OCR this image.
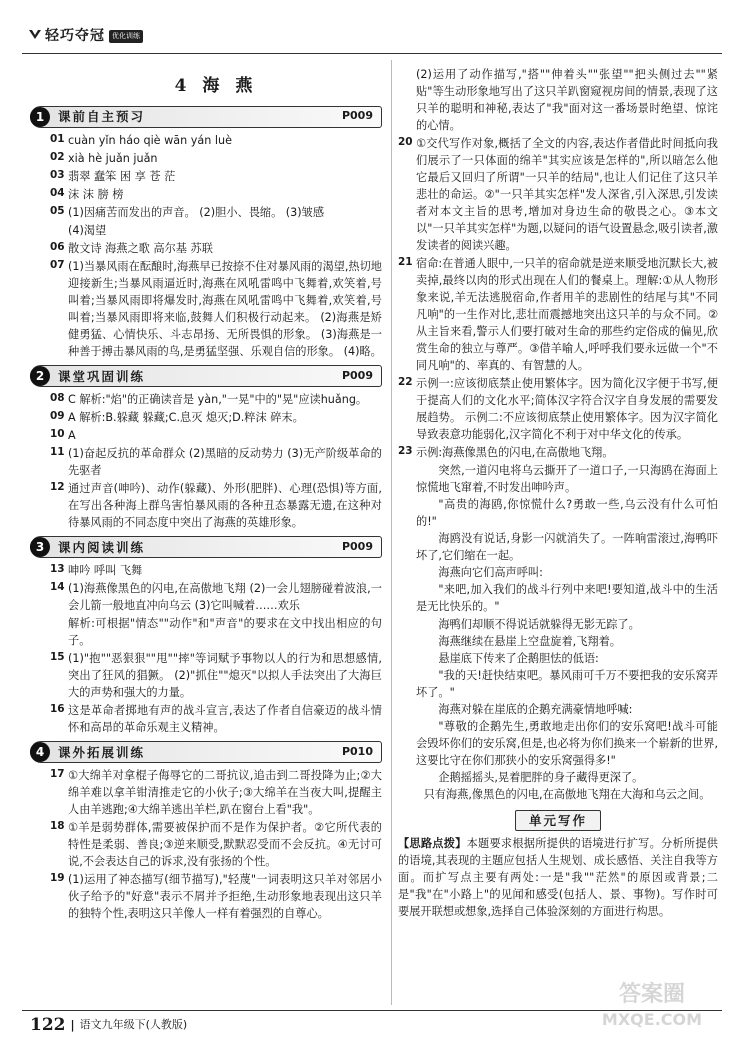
轻巧夺冠	优化训练
4 海 燕
1	课前自主预习	P009
01 cuàn yǐn háo qiè wān yán luè
02 xià hè juǎn juǎn
03 翡翠 蠢笨 困 享 苍 茫
04 沫 沫 膀 榜
05 (1)因痛苦而发出的声音。 (2)胆小、畏缩。 (3)皱感
(4)渴望
06 散文诗 海燕之歌 高尔基 苏联
07 (1)当暴风雨在酝酿时,海燕早已按捺不住对暴风雨的渴望,热切地迎接新生;当暴风雨逼近时,海燕在风吼雷鸣中飞舞着,欢笑着,号叫着;当暴风雨即将爆发时,海燕在风吼雷鸣中飞舞着,欢笑着,号叫着;当暴风雨即将来临,鼓舞人们积极行动起来。 (2)海燕是矫健勇猛、心情快乐、斗志昂扬、无所畏惧的形象。 (3)海燕是一种善于搏击暴风雨的鸟,是勇猛坚强、乐观自信的形象。 (4)略。
2	课堂巩固训练	P009
08 C 解析:"焰"的正确读音是 yàn,"一晃"中的"晃"应读huǎng。
09 A 解析:B.躲藏 躲藏;C.息灭 熄灭;D.粹沫 碎末。
10 A
11 (1)奋起反抗的革命群众 (2)黑暗的反动势力 (3)无产阶级革命的先驱者
12 通过声音(呻吟)、动作(躲藏)、外形(肥胖)、心理(恐惧)等方面,在写出各种海上群鸟害怕暴风雨的各种丑态暴露无遗,在这种对待暴风雨的不同态度中突出了海燕的英雄形象。
3	课内阅读训练	P009
13 呻吟 呼叫 飞舞
14 (1)海燕像黑色的闪电,在高傲地飞翔 (2)一会儿翅膀碰着波浪,一会儿箭一般地直冲向乌云 (3)它叫喊着……欢乐
解析:可根据"情态""动作"和"声音"的要求在文中找出相应的句子。
15 (1)"抱""恶狠狠""甩""摔"等词赋予事物以人的行为和思想感情,突出了狂风的猖獗。 (2)"抓住""熄灭"以拟人手法突出了大海巨大的声势和强大的力量。
16 这是革命者掷地有声的战斗宣言,表达了作者自信豪迈的战斗情怀和高昂的革命乐观主义精神。
4	课外拓展训练	P010
17 ①大绵羊对拿棍子侮辱它的二哥抗议,追击到二哥投降为止;②大绵羊难以拿羊钳清推走它的小伙子;③大绵羊在当夜大叫,提醒主人由羊逃跑;④大绵羊逃出羊栏,趴在窗台上看"我"。
18 ①羊是弱势群体,需要被保护而不是作为保护者。②它所代表的特性是柔弱、善良;③逆来顺受,默默忍受而不会反抗。④无讨可说,不会表达自己的诉求,没有张扬的个性。
19 (1)运用了神态描写(细节描写),"轻蔑"一词表明这只羊对邻居小伙子给予的"好意"表示不屑并予拒绝,生动形象地表现出这只羊的独特个性,表明这只羊像人一样有着强烈的自尊心。
(2)运用了动作描写,"搭""伸着头""张望""把头侧过去""紧贴"等生动形象地写出了这只羊趴窗窥视房间的情景,表现了这只羊的聪明和神秘,表达了"我"面对这一番场景时绝望、惊诧的心情。
20 ①交代写作对象,概括了全文的内容,表达作者借此时间抵向我们展示了一只体面的绵羊"其实应该是怎样的",所以暗怎么他它最后又回归了所谓"一只羊的结局",也让人们记住了这只羊悲壮的命运。②"一只羊其实怎样"发人深省,引入深思,引发读者对本文主旨的思考,增加对身边生命的敬畏之心。③本文以"一只羊其实怎样"为题,以疑问的语气设置悬念,吸引读者,激发读者的阅读兴趣。
21 宿命:在普通人眼中,一只羊的宿命就是逆来顺受地沉默长大,被卖掉,最终以肉的形式出现在人们的餐桌上。理解:①从人物形象来说,羊无法逃脱宿命,作者用羊的悲剧性的结尾与其"不同凡响"的一生作对比,悲壮而震撼地突出这只羊的与众不同。②从主旨来看,警示人们要打破对生命的那些约定俗成的偏见,欣赏生命的独立与尊严。③借羊喻人,呼呼我们要永远做一个"不同凡响"的、率真的、有智慧的人。
22 示例一:应该彻底禁止使用繁体字。因为简化汉字便于书写,便于提高人们的文化水平;简体汉字符合汉字自身发展的需要发展趋势。 示例二:不应该彻底禁止使用繁体字。因为汉字简化导致表意功能弱化,汉字简化不利于对中华文化的传承。
23 示例:海燕像黑色的闪电,在高傲地飞翔。
突然,一道闪电将乌云撕开了一道口子,一只海鸥在海面上惊慌地飞窜着,不时发出呻吟声。
"高贵的海鸥,你惊慌什么?勇敢一些,乌云没有什么可怕的!"
海鸥没有说话,身影一闪就消失了。一阵响雷滚过,海鸭吓坏了,它们缩在一起。
海燕向它们高声呼叫:
"来吧,加入我们的战斗行列中来吧!要知道,战斗中的生活是无比快乐的。"
海鸭们却顺不得说话就躲得无影无踪了。
海燕继续在悬崖上空盘旋着,飞翔着。
悬崖底下传来了企鹅胆怯的低语:
"我的天!赶快结束吧。暴风雨可千万不要把我的安乐窝弄坏了。"
海燕对躲在崖底的企鹅充满豪情地呼喊:
"尊敬的企鹅先生,勇敢地走出你们的安乐窝吧!战斗可能会毁坏你们的安乐窝,但是,也必将为你们换来一个崭新的世界,这要比守在你们那狭小的安乐窝强得多!"
企鹅摇摇头,晃着肥胖的身子藏得更深了。
只有海燕,像黑色的闪电,在高傲地飞翔在大海和乌云之间。
单元写作
【思路点拨】本题要求根据所提供的语境进行扩写。分析所提供的语境,其表现的主题应包括人生规划、成长感悟、关注自我等方面。而扩写点主要有两处:一是"我""茫然"的原因或背景;二是"我"在"小路上"的见闻和感受(包括人、景、事物)。写作时可要展开联想或想象,选择自己体验深刻的方面进行构思。
122 | 语文九年级下(人教版)
答案圈
MXQE.COM
